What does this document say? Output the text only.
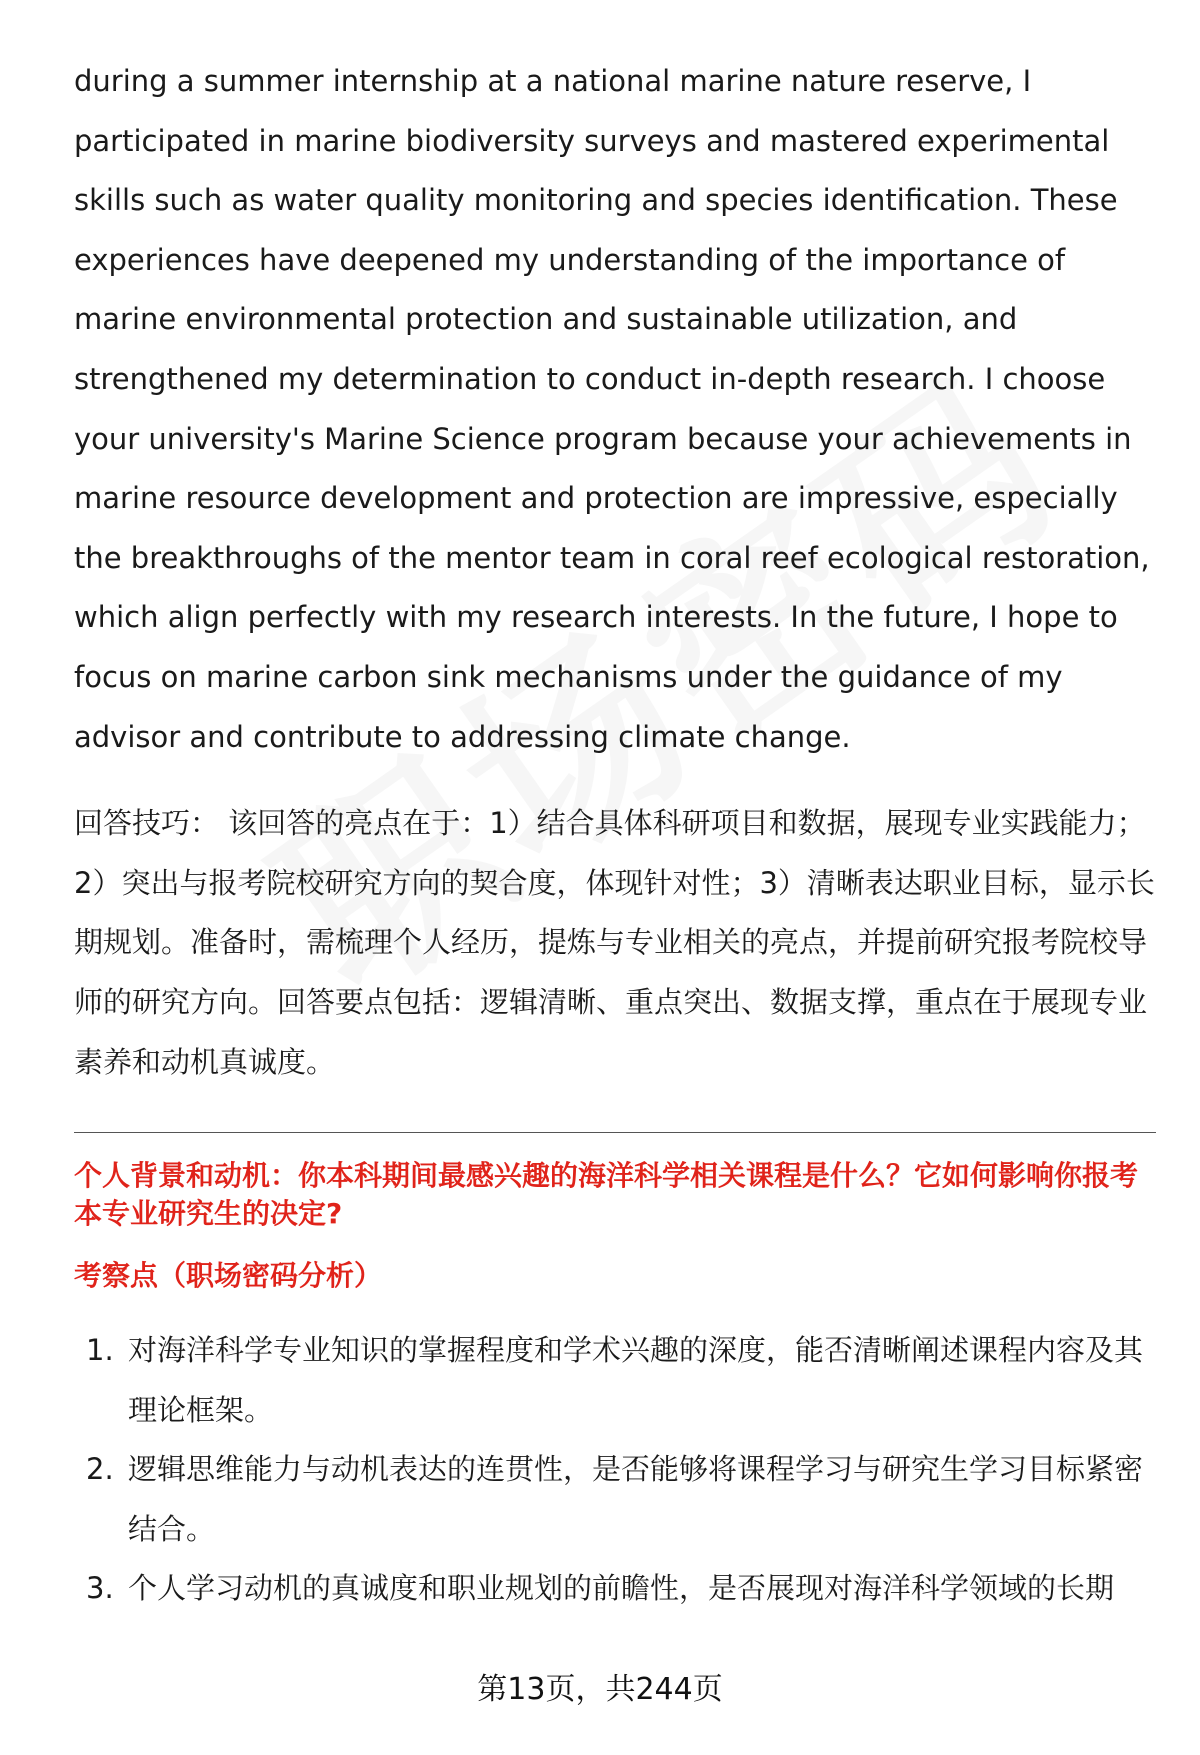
during a summer internship at a national marine nature reserve, I participated in marine biodiversity surveys and mastered experimental skills such as water quality monitoring and species identification. These experiences have deepened my understanding of the importance of marine environmental protection and sustainable utilization, and strengthened my determination to conduct in-depth research. I choose your university's Marine Science program because your achievements in marine resource development and protection are impressive, especially the breakthroughs of the mentor team in coral reef ecological restoration, which align perfectly with my research interests. In the future, I hope to focus on marine carbon sink mechanisms under the guidance of my advisor and contribute to addressing climate change.

回答技巧： 该回答的亮点在于：1）结合具体科研项目和数据，展现专业实践能力；2）突出与报考院校研究方向的契合度，体现针对性；3）清晰表达职业目标，显示长期规划。准备时，需梳理个人经历，提炼与专业相关的亮点，并提前研究报考院校导师的研究方向。回答要点包括：逻辑清晰、重点突出、数据支撑，重点在于展现专业素养和动机真诚度。

个人背景和动机：你本科期间最感兴趣的海洋科学相关课程是什么？它如何影响你报考本专业研究生的决定?
考察点（职场密码分析）
1. 对海洋科学专业知识的掌握程度和学术兴趣的深度，能否清晰阐述课程内容及其理论框架。
2. 逻辑思维能力与动机表达的连贯性，是否能够将课程学习与研究生学习目标紧密结合。
3. 个人学习动机的真诚度和职业规划的前瞻性，是否展现对海洋科学领域的长期
第13页，共244页
